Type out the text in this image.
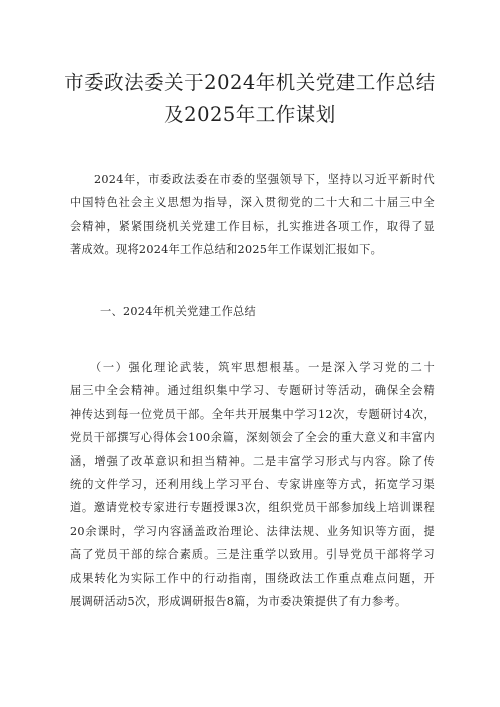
市委政法委关于2024年机关党建工作总结
及2025年工作谋划
　　2024年，市委政法委在市委的坚强领导下，坚持以习近平新时代
中国特色社会主义思想为指导，深入贯彻党的二十大和二十届三中全
会精神，紧紧围绕机关党建工作目标，扎实推进各项工作，取得了显
著成效。现将2024年工作总结和2025年工作谋划汇报如下。
一、2024年机关党建工作总结
　　（一）强化理论武装，筑牢思想根基。一是深入学习党的二十
届三中全会精神。通过组织集中学习、专题研讨等活动，确保全会精
神传达到每一位党员干部。全年共开展集中学习12次，专题研讨4次，
党员干部撰写心得体会100余篇，深刻领会了全会的重大意义和丰富内
涵，增强了改革意识和担当精神。二是丰富学习形式与内容。除了传
统的文件学习，还利用线上学习平台、专家讲座等方式，拓宽学习渠
道。邀请党校专家进行专题授课3次，组织党员干部参加线上培训课程
20余课时，学习内容涵盖政治理论、法律法规、业务知识等方面，提
高了党员干部的综合素质。三是注重学以致用。引导党员干部将学习
成果转化为实际工作中的行动指南，围绕政法工作重点难点问题，开
展调研活动5次，形成调研报告8篇，为市委决策提供了有力参考。
